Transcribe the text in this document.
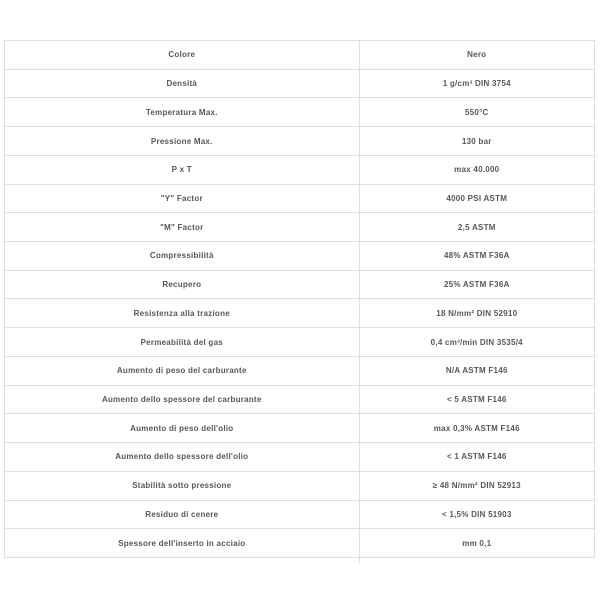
Colore	Nero
Densità	1 g/cm³ DIN 3754
Temperatura Max.	550°C
Pressione Max.	130 bar
P x T	max 40.000
"Y" Factor	4000 PSI ASTM
"M" Factor	2,5 ASTM
Compressibilità	48% ASTM F36A
Recupero	25% ASTM F36A
Resistenza alla trazione	18 N/mm² DIN 52910
Permeabilità del gas	0,4 cm³/min DIN 3535/4
Aumento di peso del carburante	N/A ASTM F146
Aumento dello spessore del carburante	< 5 ASTM F146
Aumento di peso dell'olio	max 0,3% ASTM F146
Aumento dello spessore dell'olio	< 1 ASTM F146
Stabilità sotto pressione	≥ 48 N/mm² DIN 52913
Residuo di cenere	< 1,5% DIN 51903
Spessore dell'inserto in acciaio	mm 0,1
